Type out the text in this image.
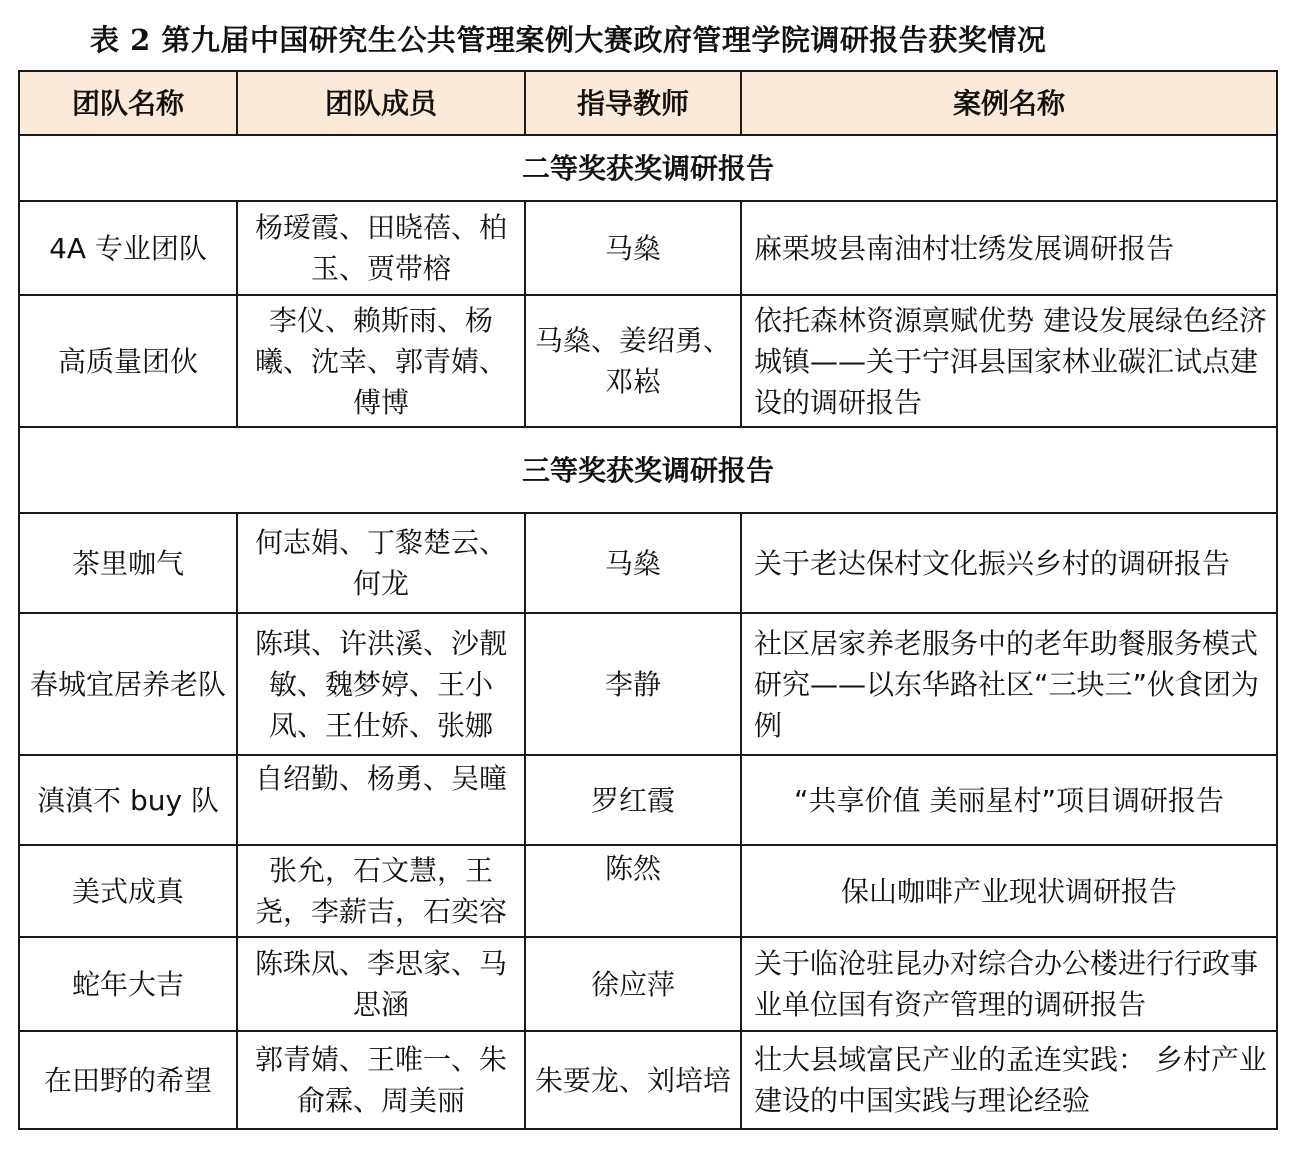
表 2 第九届中国研究生公共管理案例大赛政府管理学院调研报告获奖情况
团队名称	团队成员	指导教师	案例名称
二等奖获奖调研报告			
4A 专业团队	杨瑷霞、田晓蓓、柏玉、贾带榕	马燊	麻栗坡县南油村壮绣发展调研报告
高质量团伙	李仪、赖斯雨、杨曦、沈幸、郭青婧、傅博	马燊、姜绍勇、邓崧	依托森林资源禀赋优势 建设发展绿色经济城镇——关于宁洱县国家林业碳汇试点建设的调研报告
三等奖获奖调研报告			
茶里咖气	何志娟、丁黎楚云、何龙	马燊	关于老达保村文化振兴乡村的调研报告
春城宜居养老队	陈琪、许洪溪、沙靓敏、魏梦婷、王小凤、王仕娇、张娜	李静	社区居家养老服务中的老年助餐服务模式研究——以东华路社区“三块三”伙食团为例
滇滇不 buy 队	自绍勤、杨勇、吴曈	罗红霞	“共享价值 美丽星村”项目调研报告
美式成真	张允，石文慧，王尧，李薪吉，石奕容	陈然	保山咖啡产业现状调研报告
蛇年大吉	陈珠凤、李思家、马思涵	徐应萍	关于临沧驻昆办对综合办公楼进行行政事业单位国有资产管理的调研报告
在田野的希望	郭青婧、王唯一、朱俞霖、周美丽	朱要龙、刘培培	壮大县域富民产业的孟连实践： 乡村产业建设的中国实践与理论经验
